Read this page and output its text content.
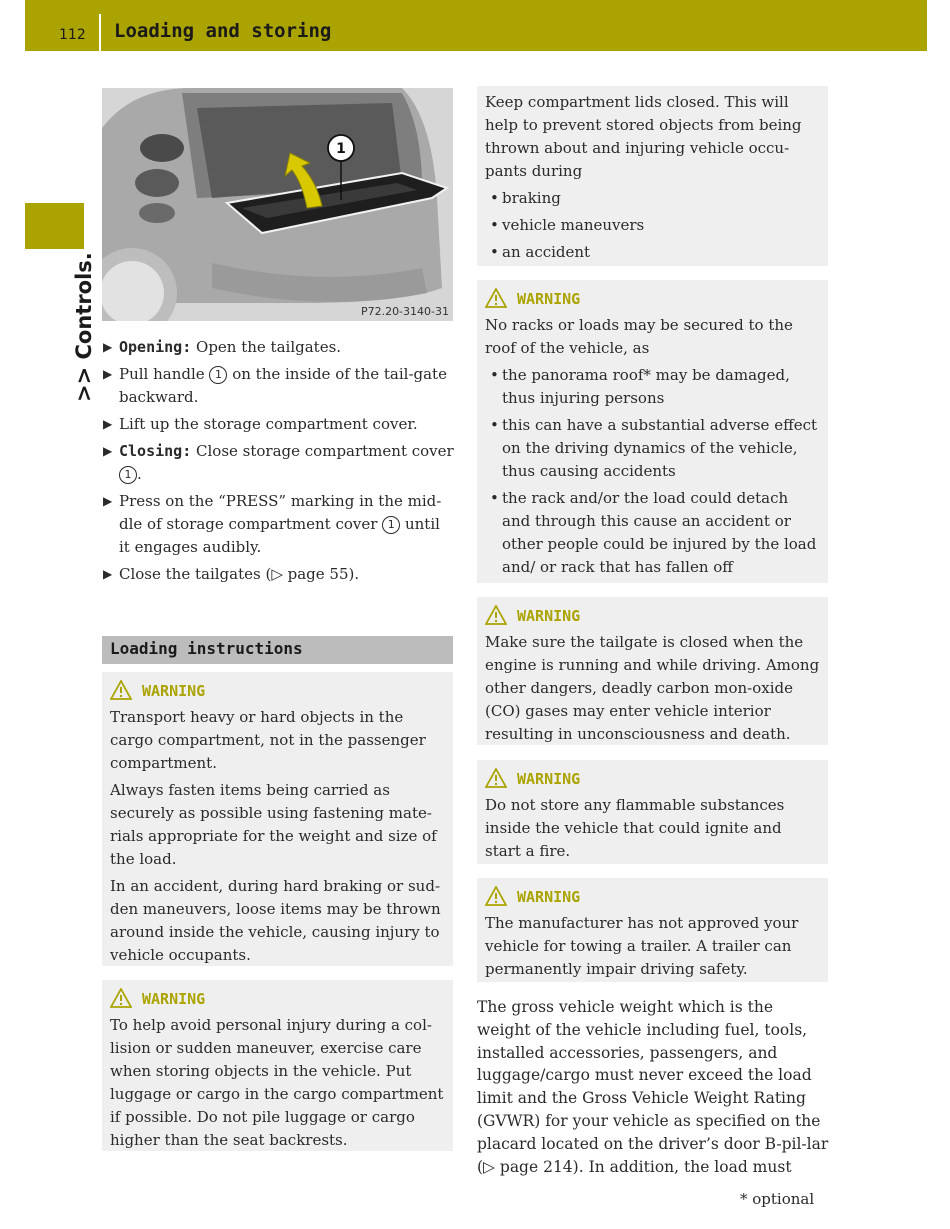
112	Loading and storing
>> Controls.
1
P72.20-3140-31
▶ Opening: Open the tailgates.
▶ Pull handle 1 on the inside of the tail-gate backward.
▶ Lift up the storage compartment cover.
▶ Closing: Close storage compartment cover 1 .
▶ Press on the “PRESS” marking in the mid-dle of storage compartment cover 1 until it engages audibly.
▶ Close the tailgates (▷ page 55).
Loading instructions
WARNING

Transport heavy or hard objects in the cargo compartment, not in the passenger compartment.

Always fasten items being carried as securely as possible using fastening mate-rials appropriate for the weight and size of the load.

In an accident, during hard braking or sud-den maneuvers, loose items may be thrown around inside the vehicle, causing injury to vehicle occupants.

WARNING

To help avoid personal injury during a col-lision or sudden maneuver, exercise care when storing objects in the vehicle. Put luggage or cargo in the cargo compartment if possible. Do not pile luggage or cargo higher than the seat backrests.

Keep compartment lids closed. This will help to prevent stored objects from being thrown about and injuring vehicle occu-pants during

• braking
• vehicle maneuvers
• an accident
WARNING

No racks or loads may be secured to the roof of the vehicle, as

• the panorama roof* may be damaged, thus injuring persons
• this can have a substantial adverse effect on the driving dynamics of the vehicle, thus causing accidents
• the rack and/or the load could detach and through this cause an accident or other people could be injured by the load and/ or rack that has fallen off
WARNING

Make sure the tailgate is closed when the engine is running and while driving. Among other dangers, deadly carbon mon-oxide (CO) gases may enter vehicle interior resulting in unconsciousness and death.

WARNING

Do not store any flammable substances inside the vehicle that could ignite and start a fire.

WARNING

The manufacturer has not approved your vehicle for towing a trailer. A trailer can permanently impair driving safety.

The gross vehicle weight which is the weight of the vehicle including fuel, tools, installed accessories, passengers, and luggage/cargo must never exceed the load limit and the Gross Vehicle Weight Rating (GVWR) for your vehicle as specified on the placard located on the driver’s door B-pil-lar (▷ page 214). In addition, the load must
* optional
